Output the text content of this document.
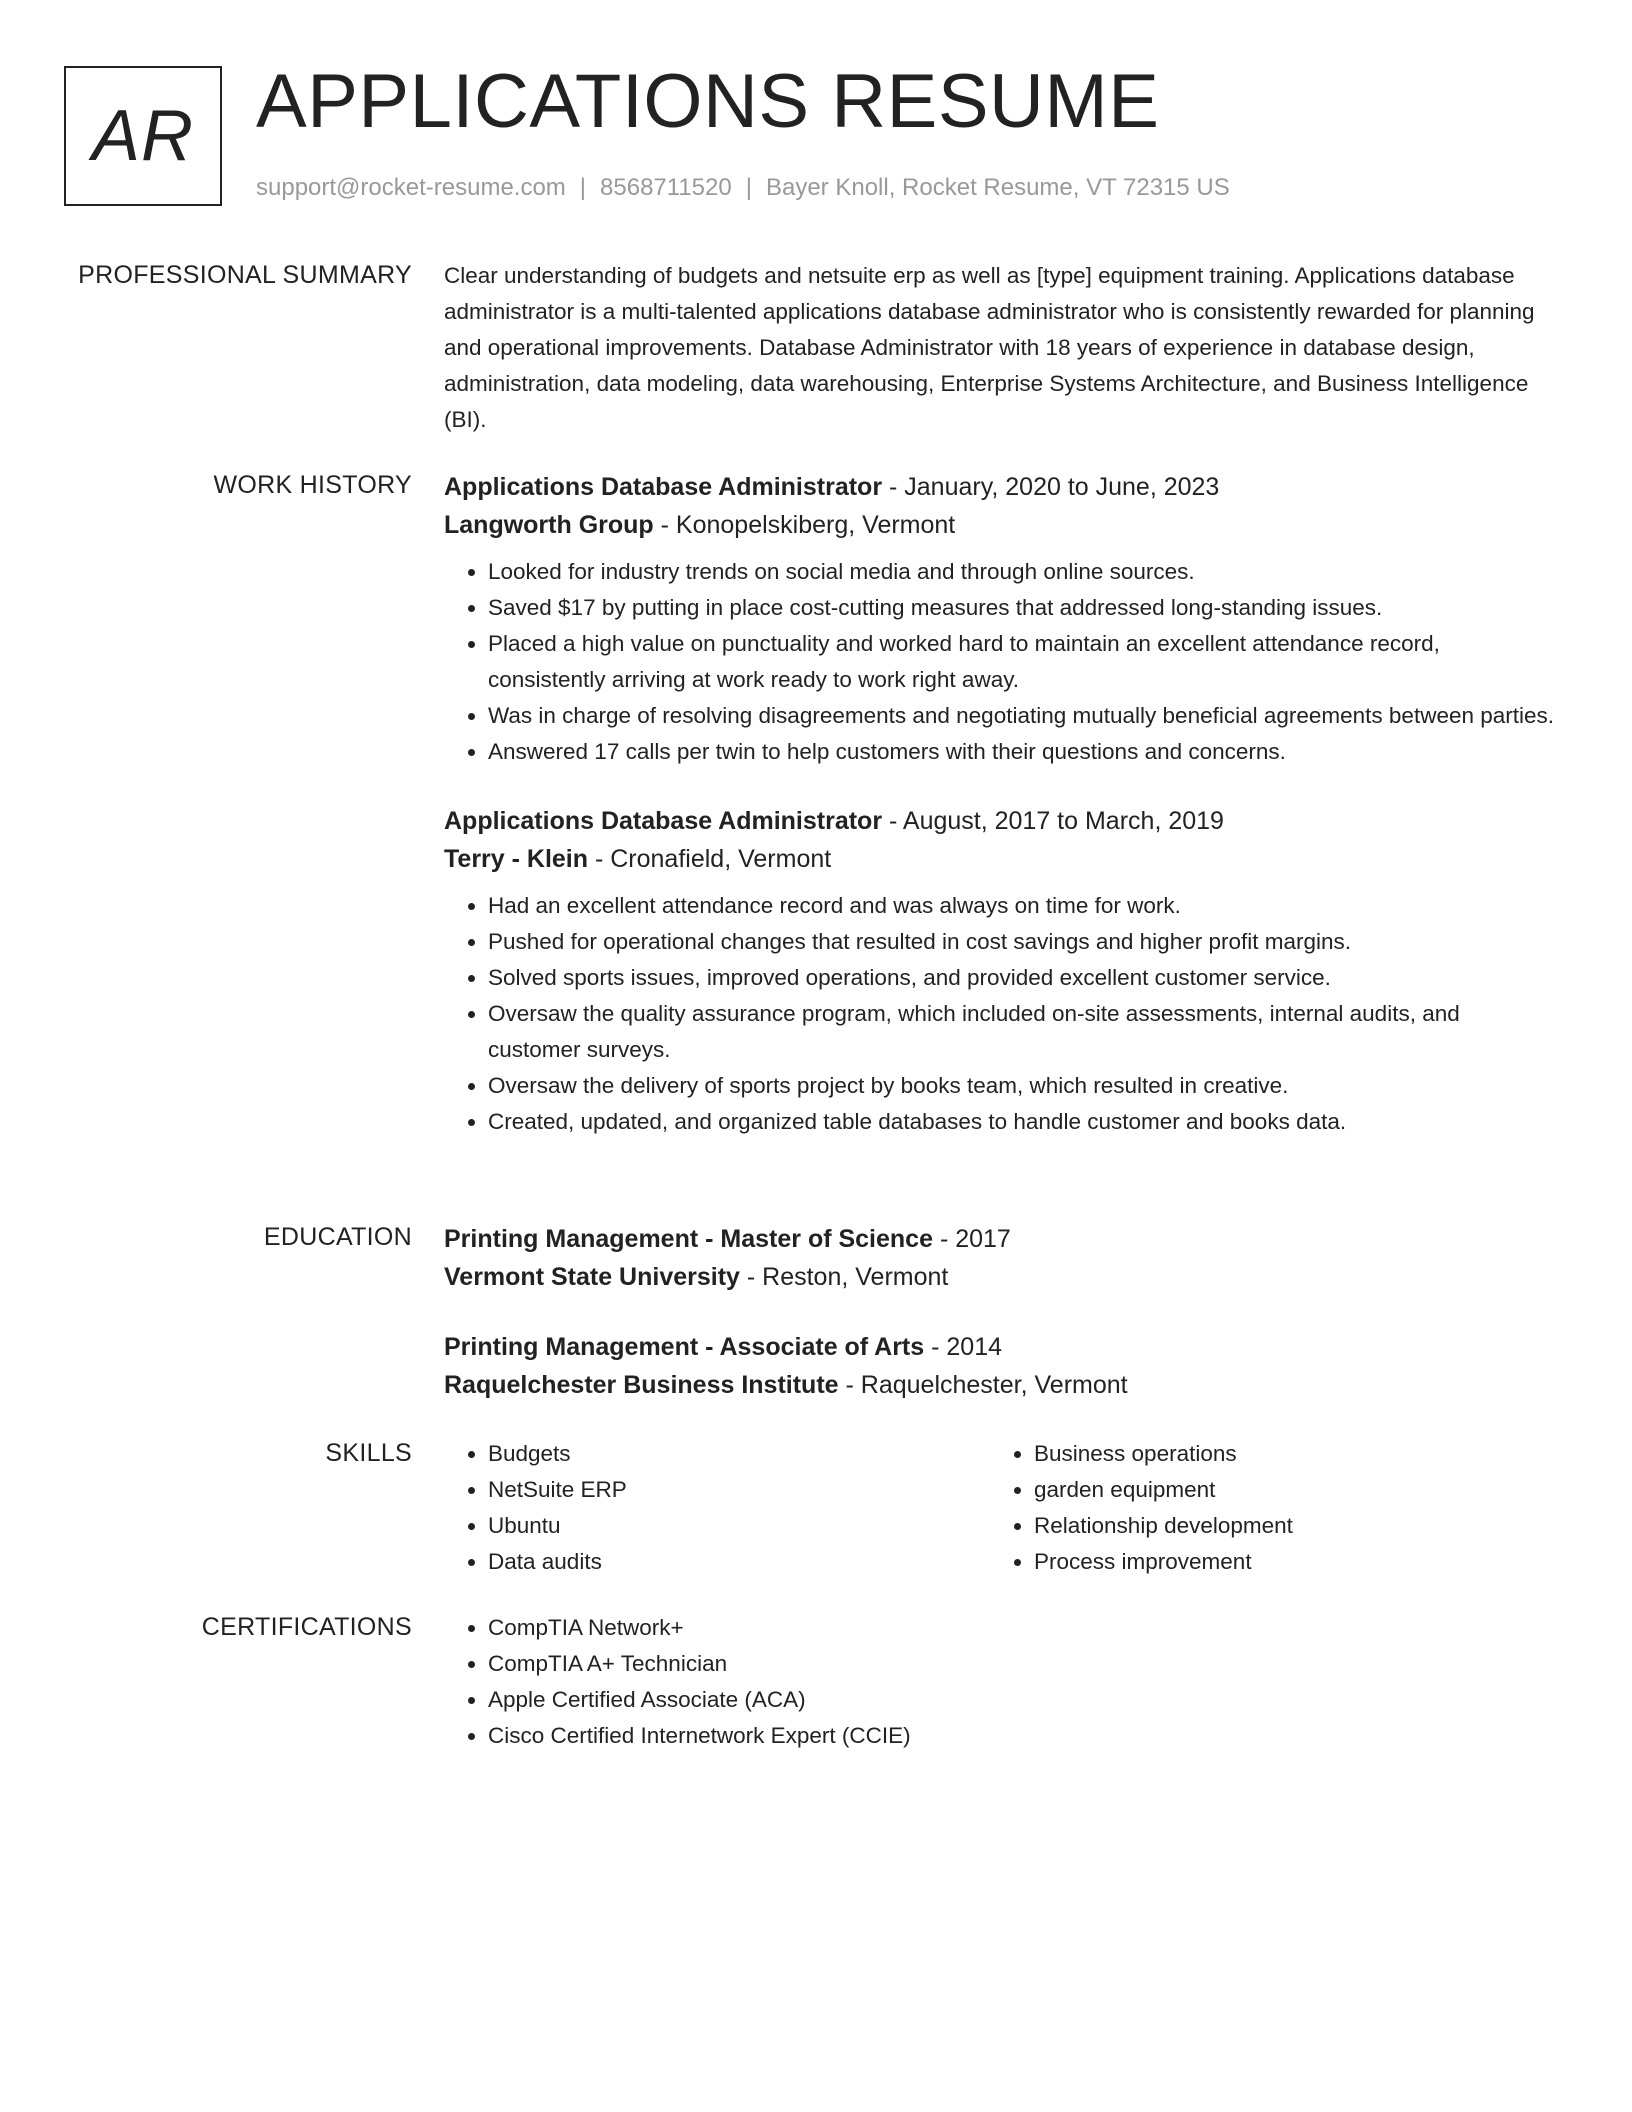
AR APPLICATIONS RESUME
support@rocket-resume.com | 8568711520 | Bayer Knoll, Rocket Resume, VT 72315 US
PROFESSIONAL SUMMARY Clear understanding of budgets and netsuite erp as well as [type] equipment training. Applications database administrator is a multi-talented applications database administrator who is consistently rewarded for planning and operational improvements. Database Administrator with 18 years of experience in database design, administration, data modeling, data warehousing, Enterprise Systems Architecture, and Business Intelligence (BI).

WORK HISTORY Applications Database Administrator - January, 2020 to June, 2023
Langworth Group - Konopelskiberg, Vermont
• Looked for industry trends on social media and through online sources.
• Saved $17 by putting in place cost-cutting measures that addressed long-standing issues.
• Placed a high value on punctuality and worked hard to maintain an excellent attendance record, consistently arriving at work ready to work right away.
• Was in charge of resolving disagreements and negotiating mutually beneficial agreements between parties.
• Answered 17 calls per twin to help customers with their questions and concerns.
Applications Database Administrator - August, 2017 to March, 2019
Terry - Klein - Cronafield, Vermont
• Had an excellent attendance record and was always on time for work.
• Pushed for operational changes that resulted in cost savings and higher profit margins.
• Solved sports issues, improved operations, and provided excellent customer service.
• Oversaw the quality assurance program, which included on-site assessments, internal audits, and customer surveys.
• Oversaw the delivery of sports project by books team, which resulted in creative.
• Created, updated, and organized table databases to handle customer and books data.
EDUCATION Printing Management - Master of Science - 2017
Vermont State University - Reston, Vermont
Printing Management - Associate of Arts - 2014
Raquelchester Business Institute - Raquelchester, Vermont
SKILLS	• Budgets
• NetSuite ERP
• Ubuntu
• Data audits
• Business operations
• garden equipment
• Relationship development
• Process improvement
CERTIFICATIONS	• CompTIA Network+
• CompTIA A+ Technician
• Apple Certified Associate (ACA)
• Cisco Certified Internetwork Expert (CCIE)
